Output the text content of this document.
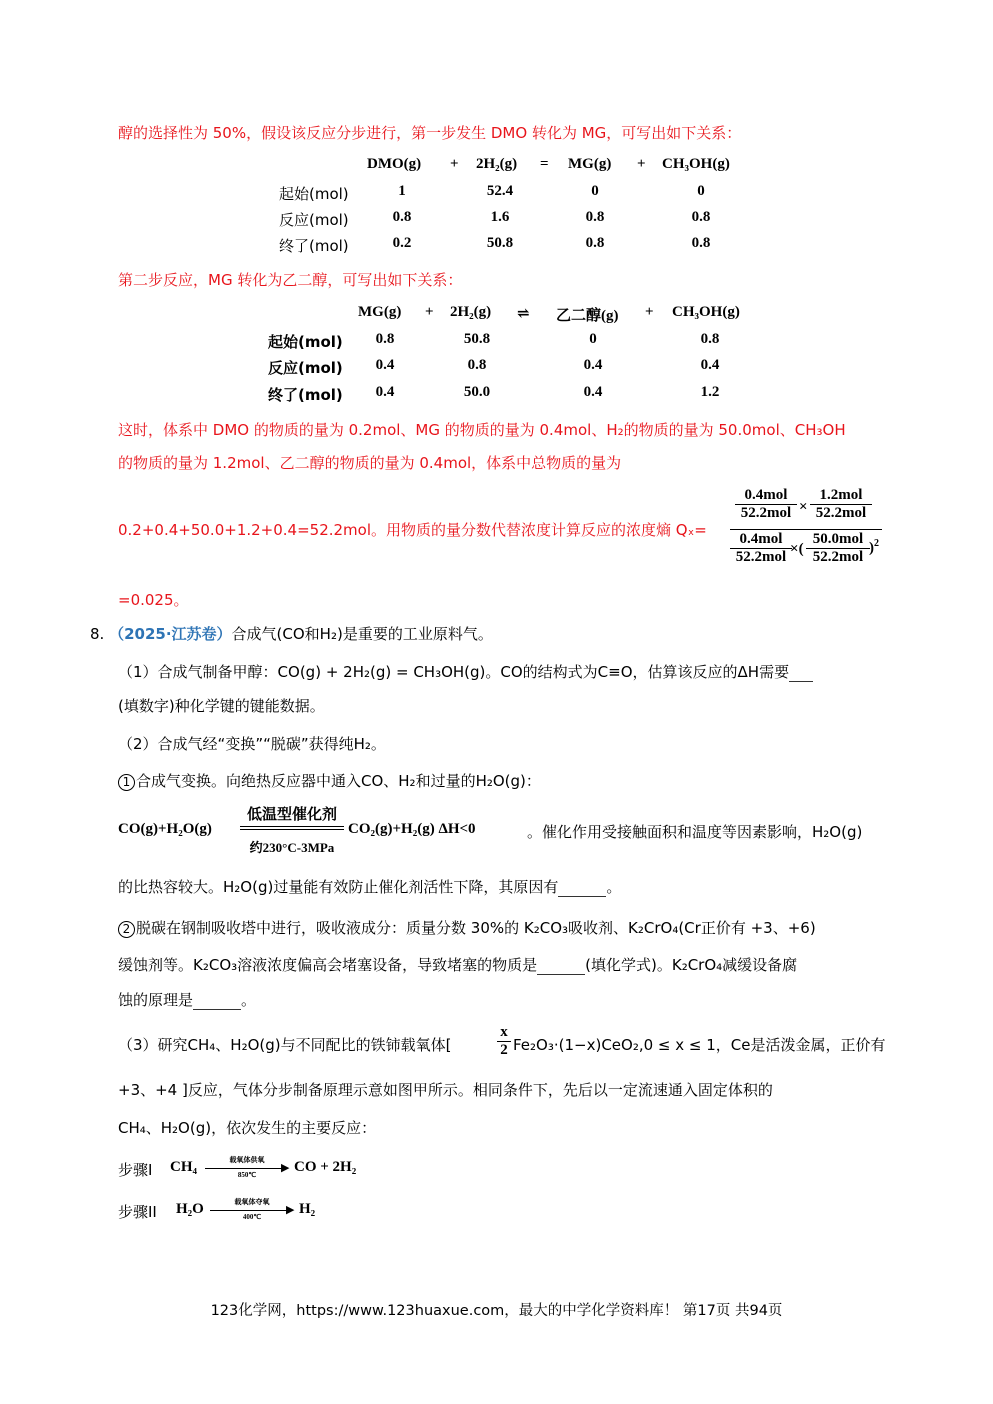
醇的选择性为 50%，假设该反应分步进行，第一步发生 DMO 转化为 MG，可写出如下关系：
DMO(g) + 2H₂(g) = MG(g) + CH₃OH(g)
起始(mol)	1	52.4	0	0
反应(mol)	0.8	1.6	0.8	0.8
终了(mol)	0.2	50.8	0.8	0.8
第二步反应，MG 转化为乙二醇，可写出如下关系：
MG(g) + 2H₂(g) ⇌ 乙二醇(g) + CH₃OH(g)
起始(mol)	0.8	50.8	0	0.8
反应(mol)	0.4	0.8	0.4	0.4
终了(mol)	0.4	50.0	0.4	1.2
这时，体系中 DMO 的物质的量为 0.2mol、MG 的物质的量为 0.4mol、H₂的物质的量为 50.0mol、CH₃OH
的物质的量为 1.2mol、乙二醇的物质的量为 0.4mol，体系中总物质的量为
0.2+0.4+50.0+1.2+0.4=52.2mol。用物质的量分数代替浓度计算反应的浓度熵 Qₓ=
0.4mol
52.2mol ×
1.2mol
52.2mol
0.4mol
52.2mol ×(
50.0mol
52.2mol
)$^2$
=0.025。
8. （2025·江苏卷）合成气(CO和H₂)是重要的工业原料气。
（1）合成气制备甲醇：CO(g) + 2H₂(g) = CH₃OH(g)。CO的结构式为C≡O，估算该反应的ΔH需要
(填数字)种化学键的键能数据。
（2）合成气经“变换”“脱碳”获得纯H₂。
1 合成气变换。向绝热反应器中通入CO、H₂和过量的H₂O(g)：
CO(g)+H₂O(g)
低温型催化剂
约230°C-3MPa
CO₂(g)+H₂(g) ΔH<0	。催化作用受接触面积和温度等因素影响，H₂O(g)
的比热容较大。H₂O(g)过量能有效防止催化剂活性下降，其原因有	。
2 脱碳在钢制吸收塔中进行，吸收液成分：质量分数 30%的 K₂CO₃吸收剂、K₂CrO₄(Cr正价有 +3、+6)
缓蚀剂等。K₂CO₃溶液浓度偏高会堵塞设备，导致堵塞的物质是	(填化学式)。K₂CrO₄减缓设备腐
蚀的原理是	。
（3）研究CH₄、H₂O(g)与不同配比的铁铈载氧体[	$\frac{x}{2} Fe_2O_3\cdot(1-x)CeO_2,0 \le x \le 1$，Ce是活泼金属，正价有
+3、+4 ]反应，气体分步制备原理示意如图甲所示。相同条件下，先后以一定流速通入固定体积的
CH₄、H₂O(g)，依次发生的主要反应：
步骤I CH₄	载氧体供氧
▶
850℃	CO + 2H₂
步骤II H₂O	载氧体夺氧
▶
400℃	H₂
123化学网，https://www.123huaxue.com，最大的中学化学资料库！ 第17页 共94页
